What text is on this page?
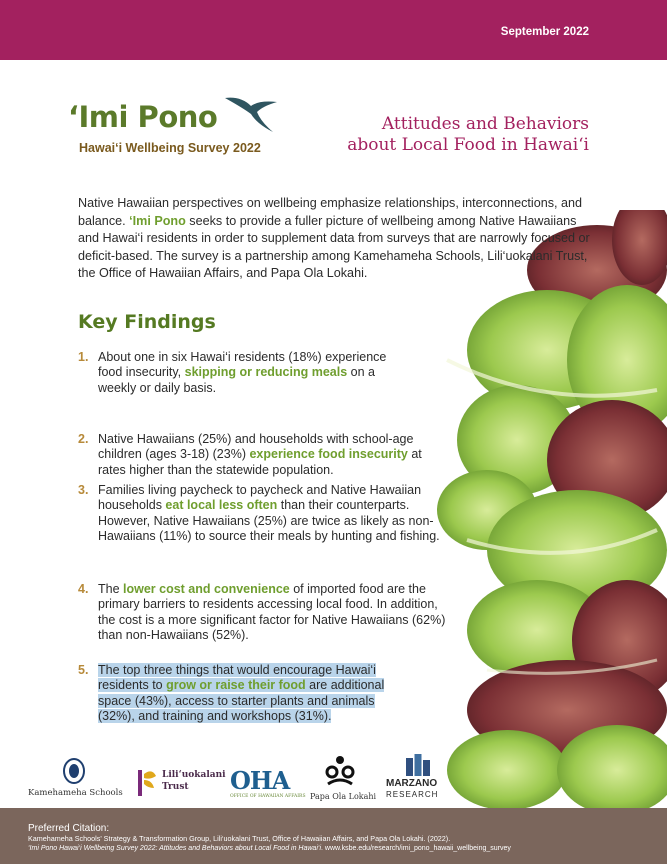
September 2022
‘Imi Pono
Hawai‘i Wellbeing Survey 2022
Attitudes and Behaviors
about Local Food in Hawai‘i

Native Hawaiian perspectives on wellbeing emphasize relationships, interconnections, and balance. ‘Imi Pono seeks to provide a fuller picture of wellbeing among Native Hawaiians and Hawai‘i residents in order to supplement data from surveys that are narrowly focused or deficit-based. The survey is a partnership among Kamehameha Schools, Lili‘uokalani Trust, the Office of Hawaiian Affairs, and Papa Ola Lokahi.

Key Findings
1. About one in six Hawai‘i residents (18%) experience food insecurity, skipping or reducing meals on a weekly or daily basis.
2. Native Hawaiians (25%) and households with school-age children (ages 3-18) (23%) experience food insecurity at rates higher than the statewide population.
3. Families living paycheck to paycheck and Native Hawaiian households eat local less often than their counterparts. However, Native Hawaiians (25%) are twice as likely as non-Hawaiians (11%) to source their meals by hunting and fishing.
4. The lower cost and convenience of imported food are the primary barriers to residents accessing local food. In addition, the cost is a more significant factor for Native Hawaiians (62%) than non-Hawaiians (52%).
5. The top three things that would encourage Hawai‘i residents to grow or raise their food are additional space (43%), access to starter plants and animals (32%), and training and workshops (31%).
Kamehameha Schools
Lili‘uokalani
Trust OHA
OFFICE OF HAWAIIAN AFFAIRS Papa Ola Lokahi
MARZANO
RESEARCH
Preferred Citation:
Kamehameha Schools' Strategy & Transformation Group, Lili‘uokalani Trust, Office of Hawaiian Affairs, and Papa Ola Lokahi. (2022).
‘Imi Pono Hawai‘i Wellbeing Survey 2022: Attitudes and Behaviors about Local Food in Hawai‘i. www.ksbe.edu/research/imi_pono_hawaii_wellbeing_survey
